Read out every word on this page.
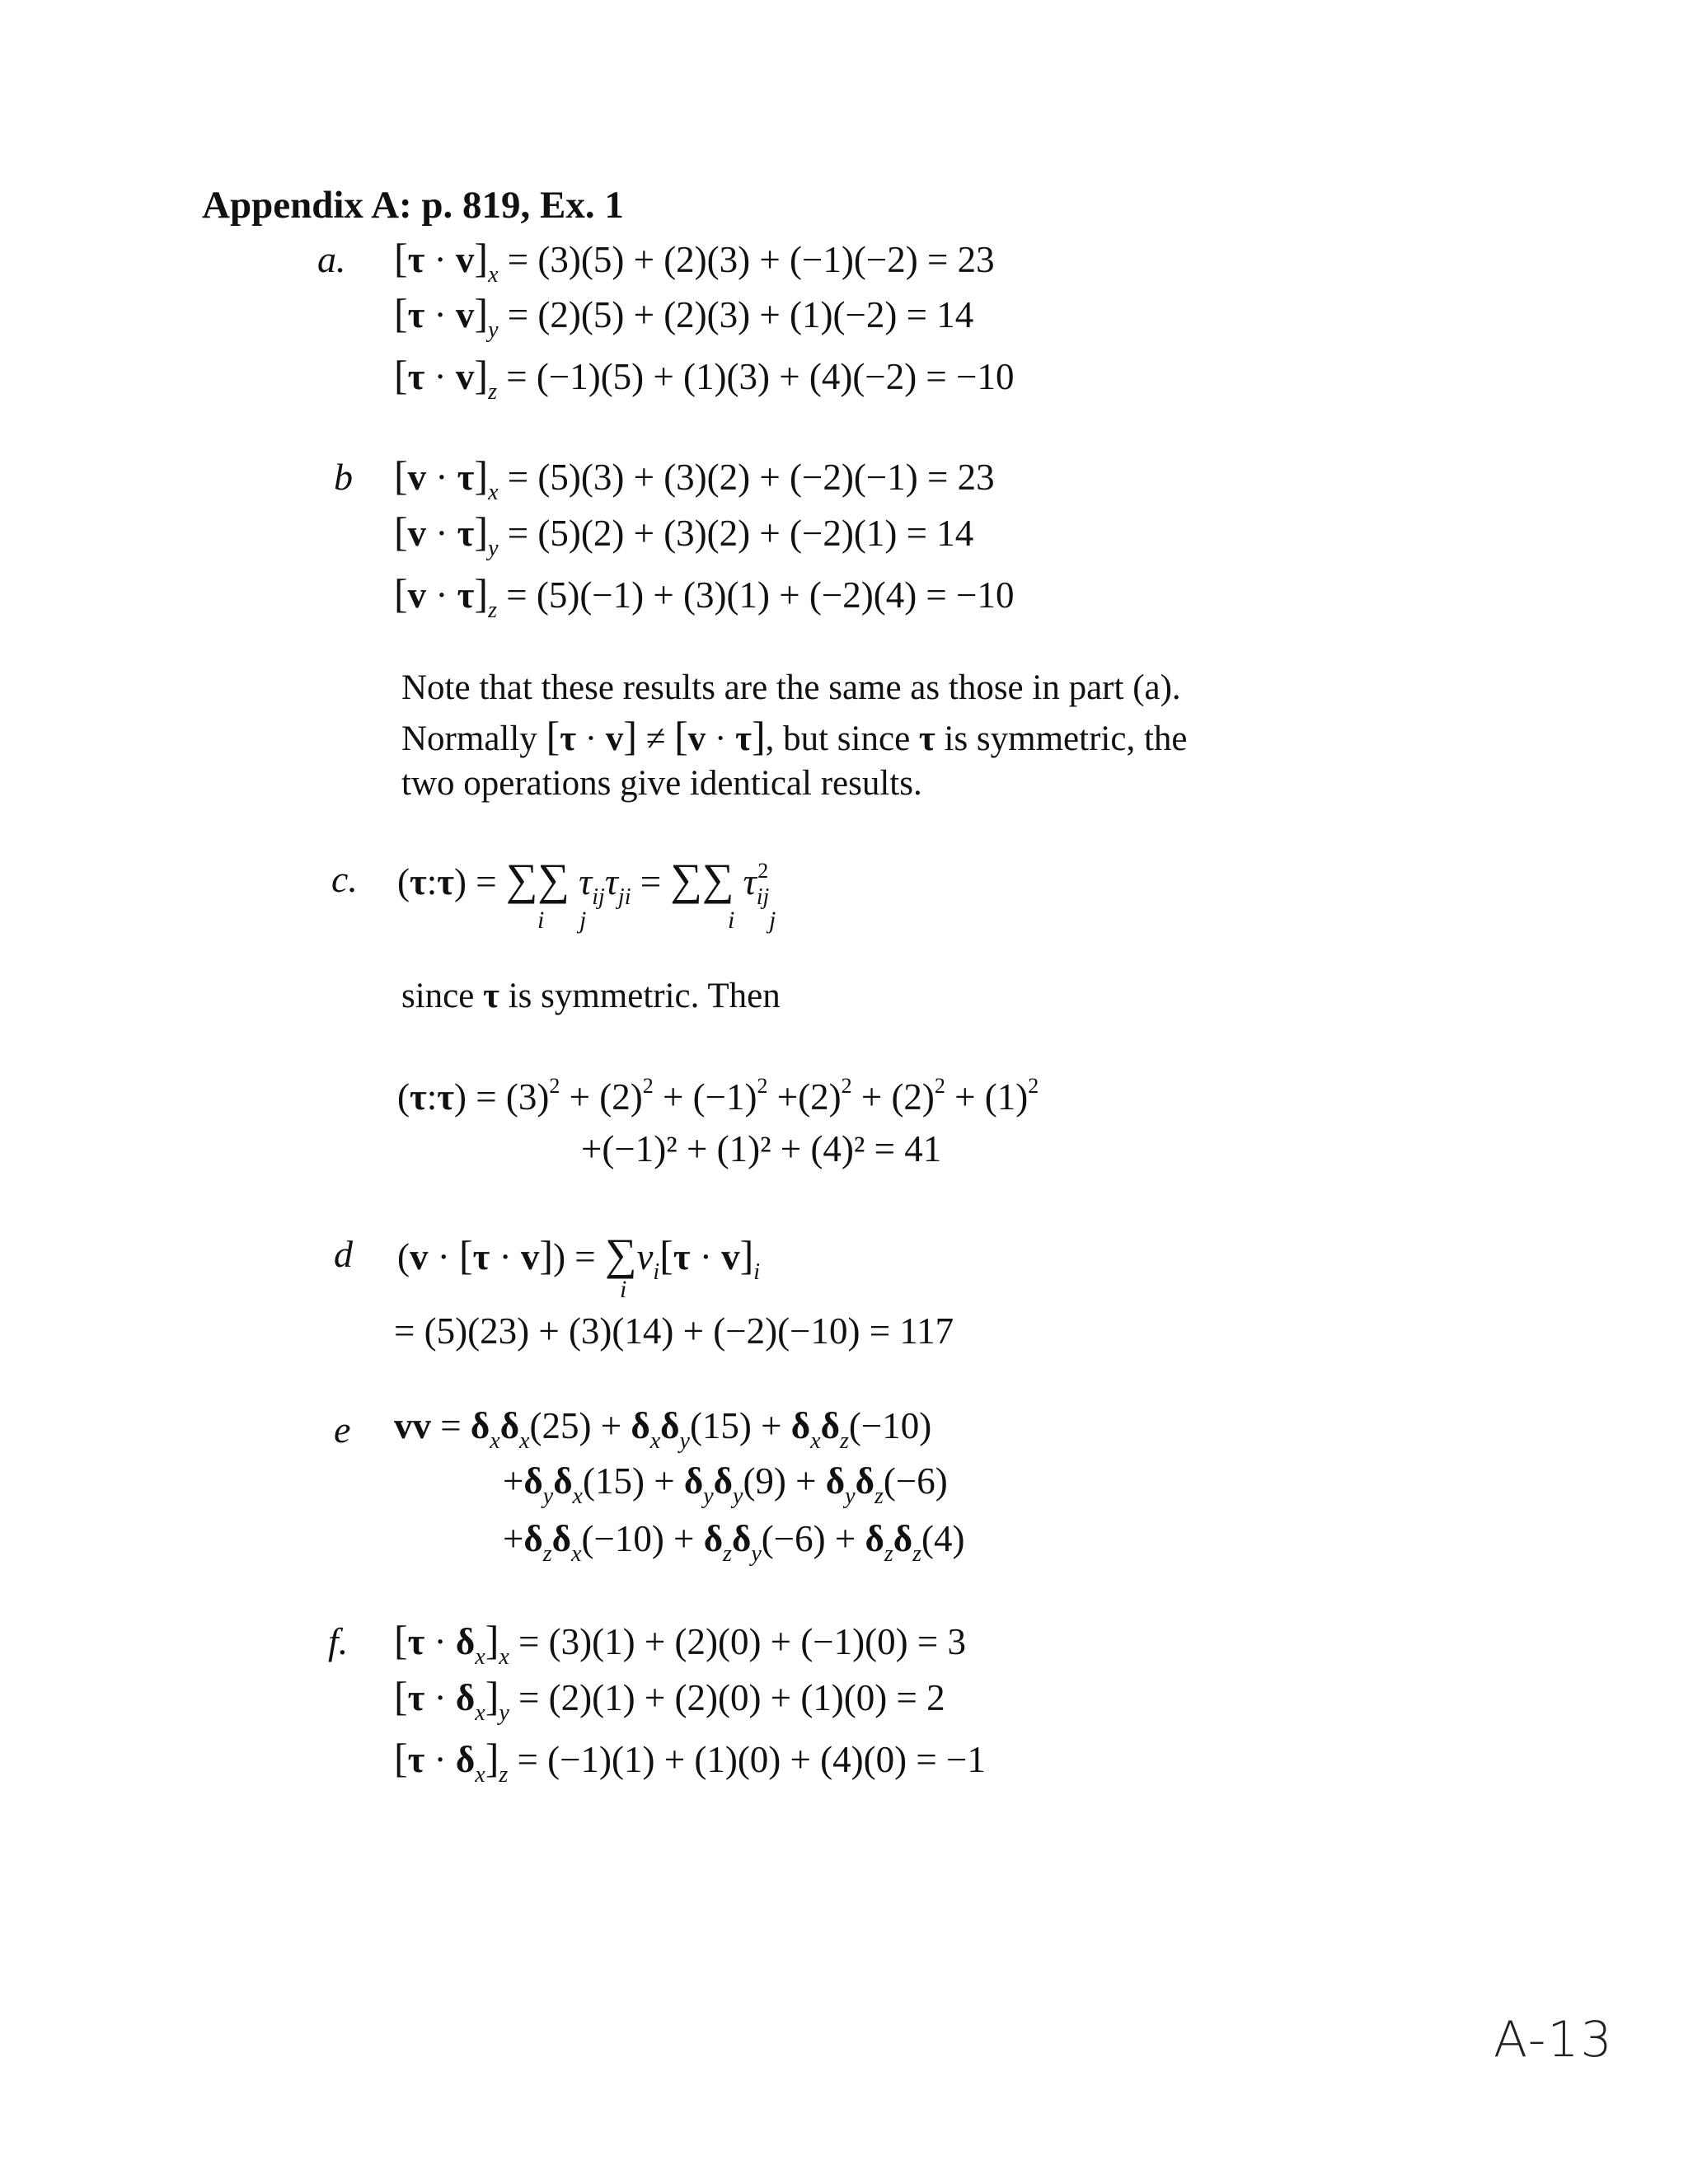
Appendix A: p. 819, Ex. 1
a. $[\tau \cdot v]_x = (3)(5) + (2)(3) + (-1)(-2) = 23$
$[\tau \cdot v]_y = (2)(5) + (2)(3) + (1)(-2) = 14$
$[\tau \cdot v]_z = (-1)(5) + (1)(3) + (4)(-2) = -10$
b $[v \cdot \tau]_x = (5)(3) + (3)(2) + (-2)(-1) = 23$
$[v \cdot \tau]_y = (5)(2) + (3)(2) + (-2)(1) = 14$
$[v \cdot \tau]_z = (5)(-1) + (3)(1) + (-2)(4) = -10$
Note that these results are the same as those in part (a).
Normally [τ · v] ≠ [v · τ], but since τ is symmetric, the
two operations give identical results.
c. (τ:τ) = ∑∑ $\tau_{ij}\tau_{ji}$ = ∑∑ $\tau_{ij}^2$
i j	i j
since τ is symmetric. Then
(τ:τ) = $(3)^2 + (2)^2 + (-1)^2 +(2)^2 + (2)^2 + (1)^2$
+(−1)² + (1)² + (4)² = 41
d $(v \cdot [\tau \cdot v]) = \sum v_i[\tau \cdot v]_i$
i
= (5)(23) + (3)(14) + (−2)(−10) = 117
e vv = $\delta_x\delta_x(25) + \delta_x\delta_y(15) + \delta_x\delta_z(-10)$
$+\delta_y\delta_x(15) + \delta_y\delta_y(9) + \delta_y\delta_z(-6)$
$+\delta_z\delta_x(-10) + \delta_z\delta_y(-6) + \delta_z\delta_z(4)$
f. $[\tau \cdot \delta_x]_x = (3)(1) + (2)(0) + (-1)(0) = 3$
$[\tau \cdot \delta_x]_y = (2)(1) + (2)(0) + (1)(0) = 2$
$[\tau \cdot \delta_x]_z = (-1)(1) + (1)(0) + (4)(0) = -1$
A-13
